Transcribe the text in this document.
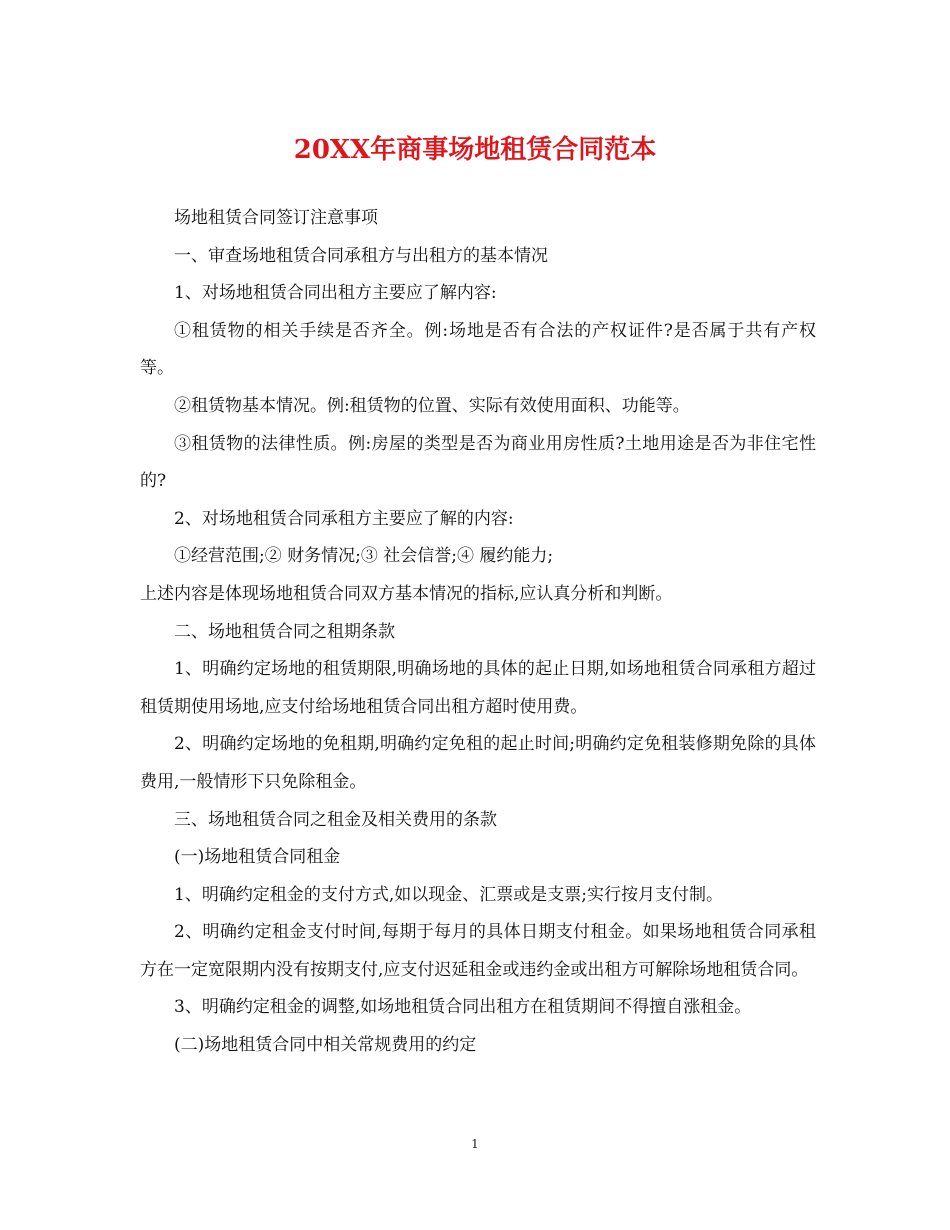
20XX年商事场地租赁合同范本

场地租赁合同签订注意事项

一、审查场地租赁合同承租方与出租方的基本情况

1、对场地租赁合同出租方主要应了解内容:

①租赁物的相关手续是否齐全。例:场地是否有合法的产权证件?是否属于共有产权等。

②租赁物基本情况。例:租赁物的位置、实际有效使用面积、功能等。

③租赁物的法律性质。例:房屋的类型是否为商业用房性质?土地用途是否为非住宅性的?

2、对场地租赁合同承租方主要应了解的内容:

①经营范围;② 财务情况;③ 社会信誉;④ 履约能力;

上述内容是体现场地租赁合同双方基本情况的指标,应认真分析和判断。

二、场地租赁合同之租期条款

1、明确约定场地的租赁期限,明确场地的具体的起止日期,如场地租赁合同承租方超过租赁期使用场地,应支付给场地租赁合同出租方超时使用费。

2、明确约定场地的免租期,明确约定免租的起止时间;明确约定免租装修期免除的具体费用,一般情形下只免除租金。

三、场地租赁合同之租金及相关费用的条款

(一)场地租赁合同租金

1、明确约定租金的支付方式,如以现金、汇票或是支票;实行按月支付制。

2、明确约定租金支付时间,每期于每月的具体日期支付租金。如果场地租赁合同承租方在一定宽限期内没有按期支付,应支付迟延租金或违约金或出租方可解除场地租赁合同。

3、明确约定租金的调整,如场地租赁合同出租方在租赁期间不得擅自涨租金。

(二)场地租赁合同中相关常规费用的约定

1
